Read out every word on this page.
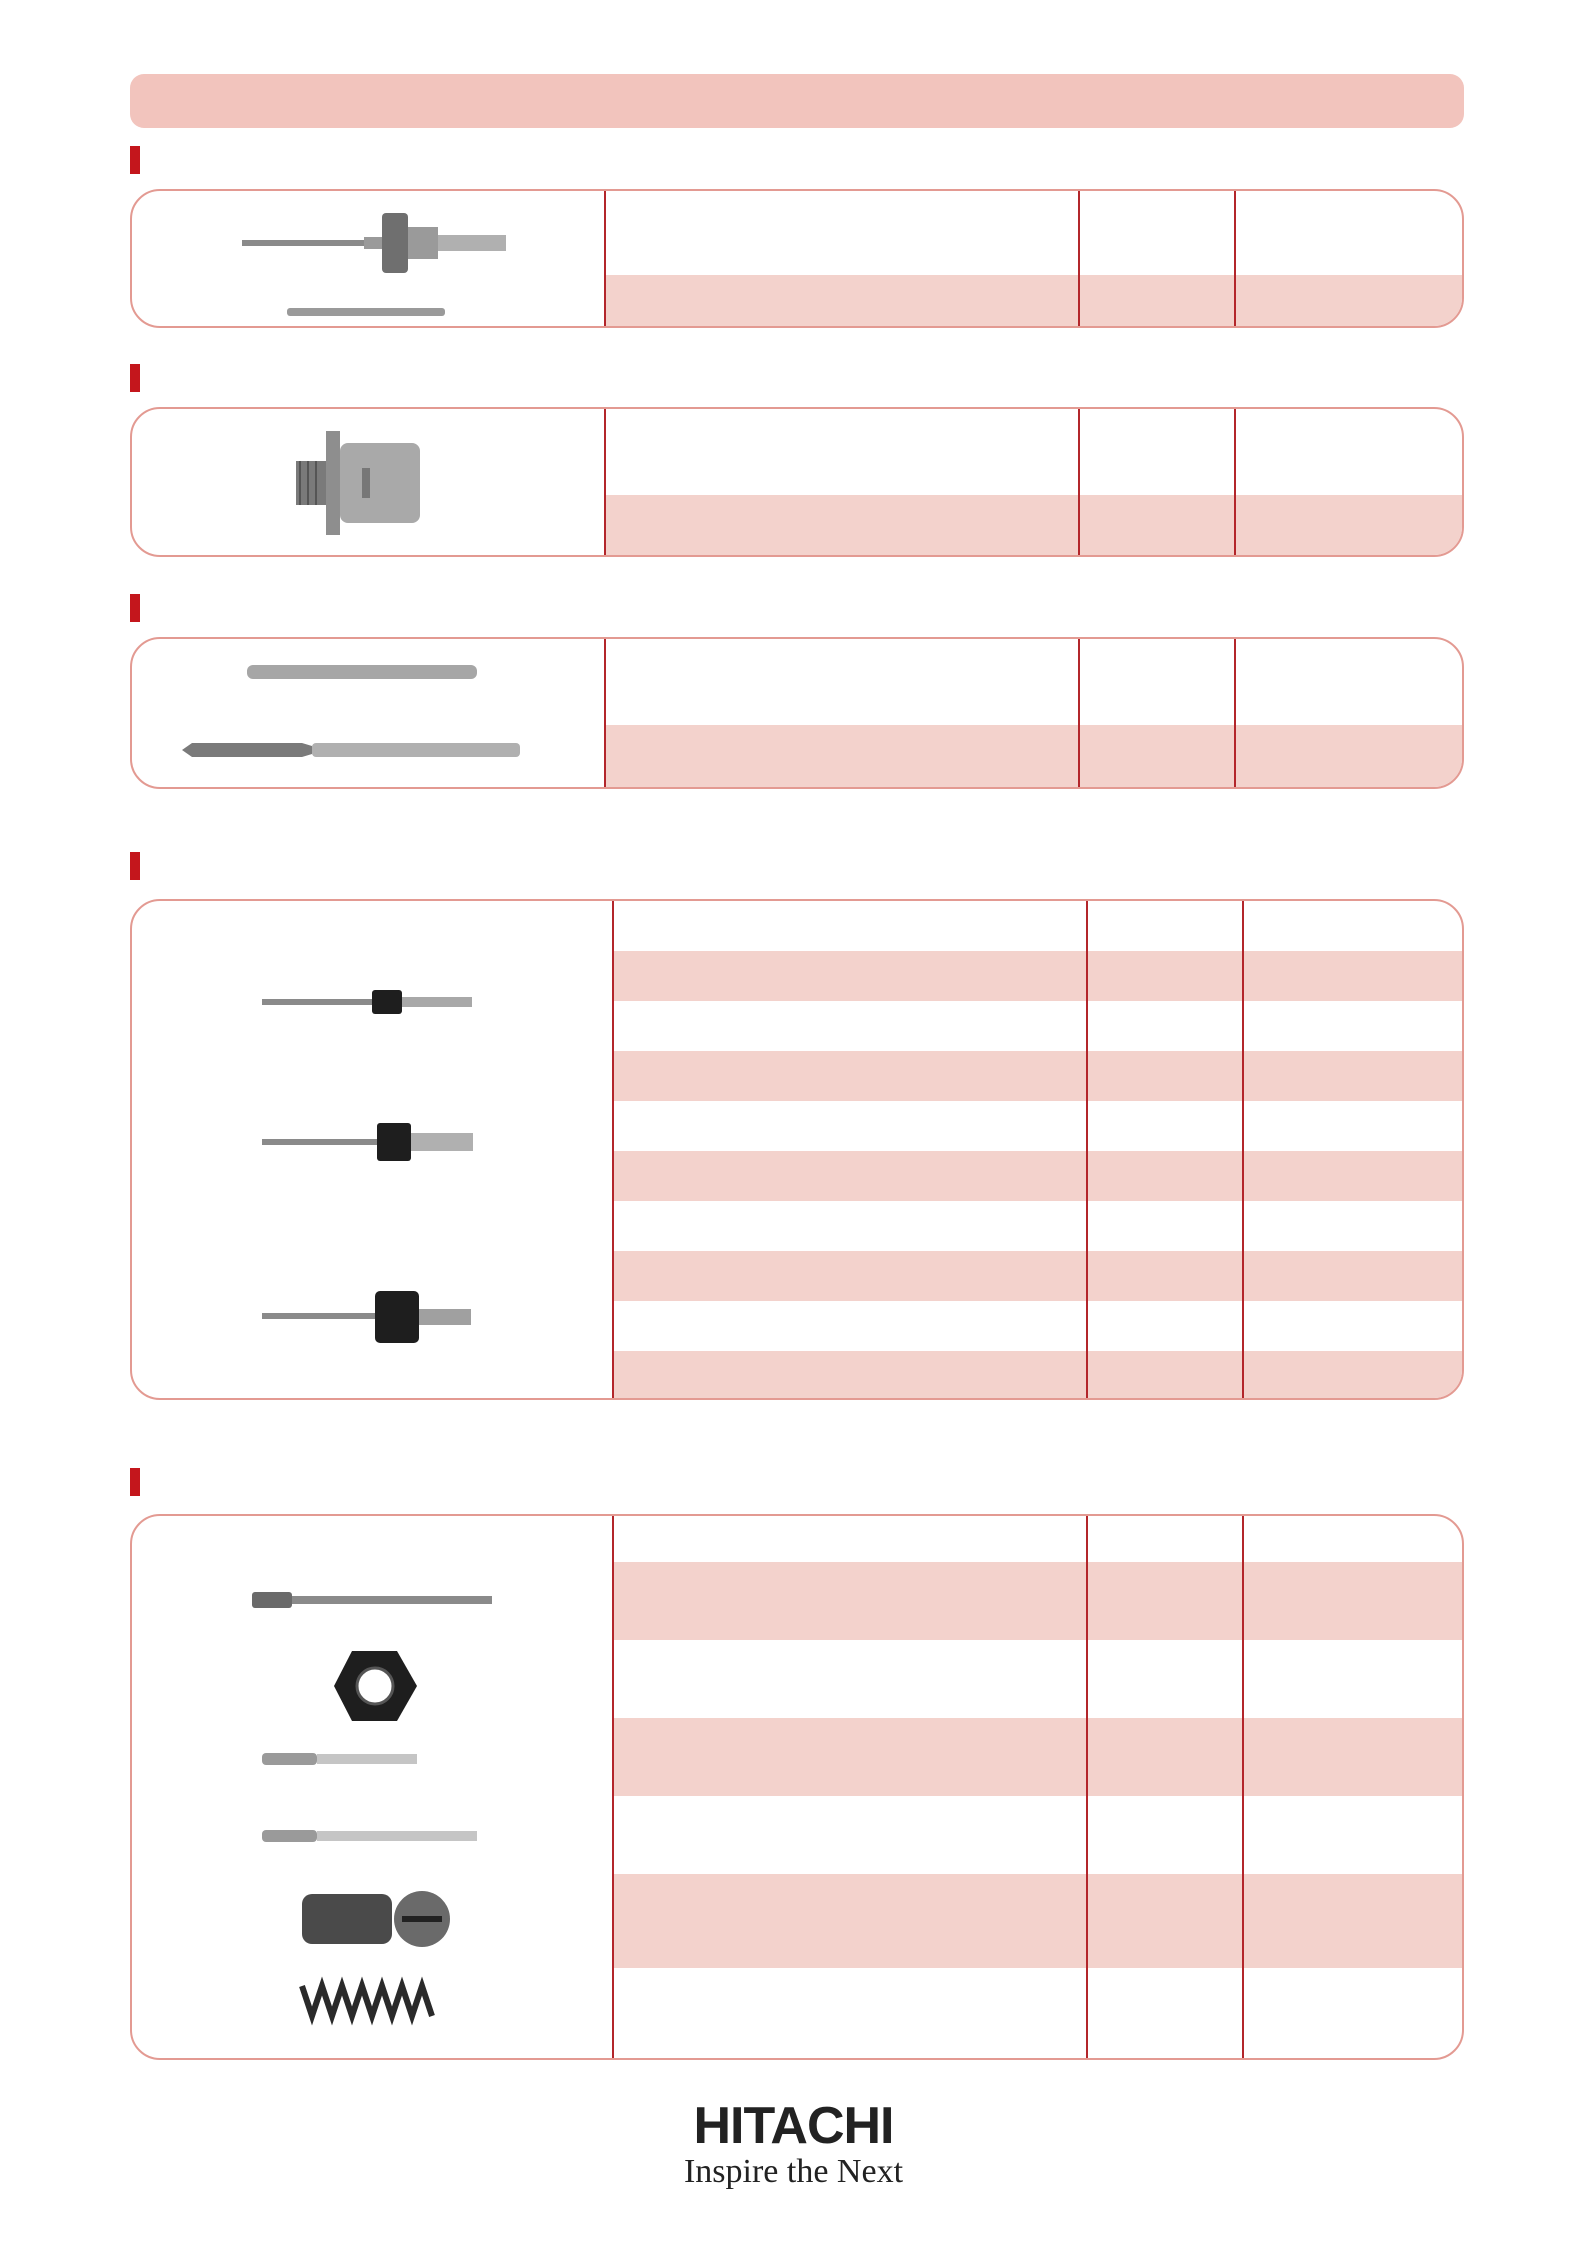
HITACHI
Inspire the Next
